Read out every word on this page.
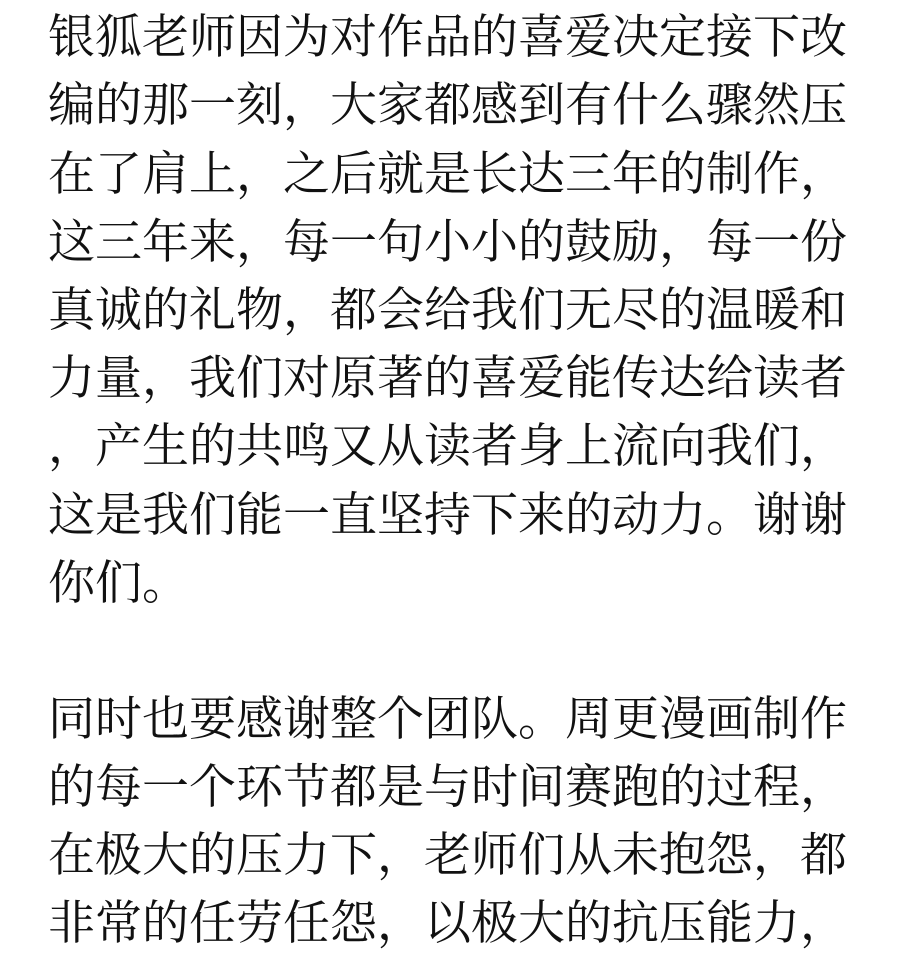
银狐老师因为对作品的喜爱决定接下改
编的那一刻，大家都感到有什么骤然压
在了肩上，之后就是长达三年的制作，
这三年来，每一句小小的鼓励，每一份
真诚的礼物，都会给我们无尽的温暖和
力量，我们对原著的喜爱能传达给读者
，产生的共鸣又从读者身上流向我们，
这是我们能一直坚持下来的动力。谢谢
你们。
同时也要感谢整个团队。周更漫画制作
的每一个环节都是与时间赛跑的过程，
在极大的压力下，老师们从未抱怨，都
非常的任劳任怨，以极大的抗压能力，
